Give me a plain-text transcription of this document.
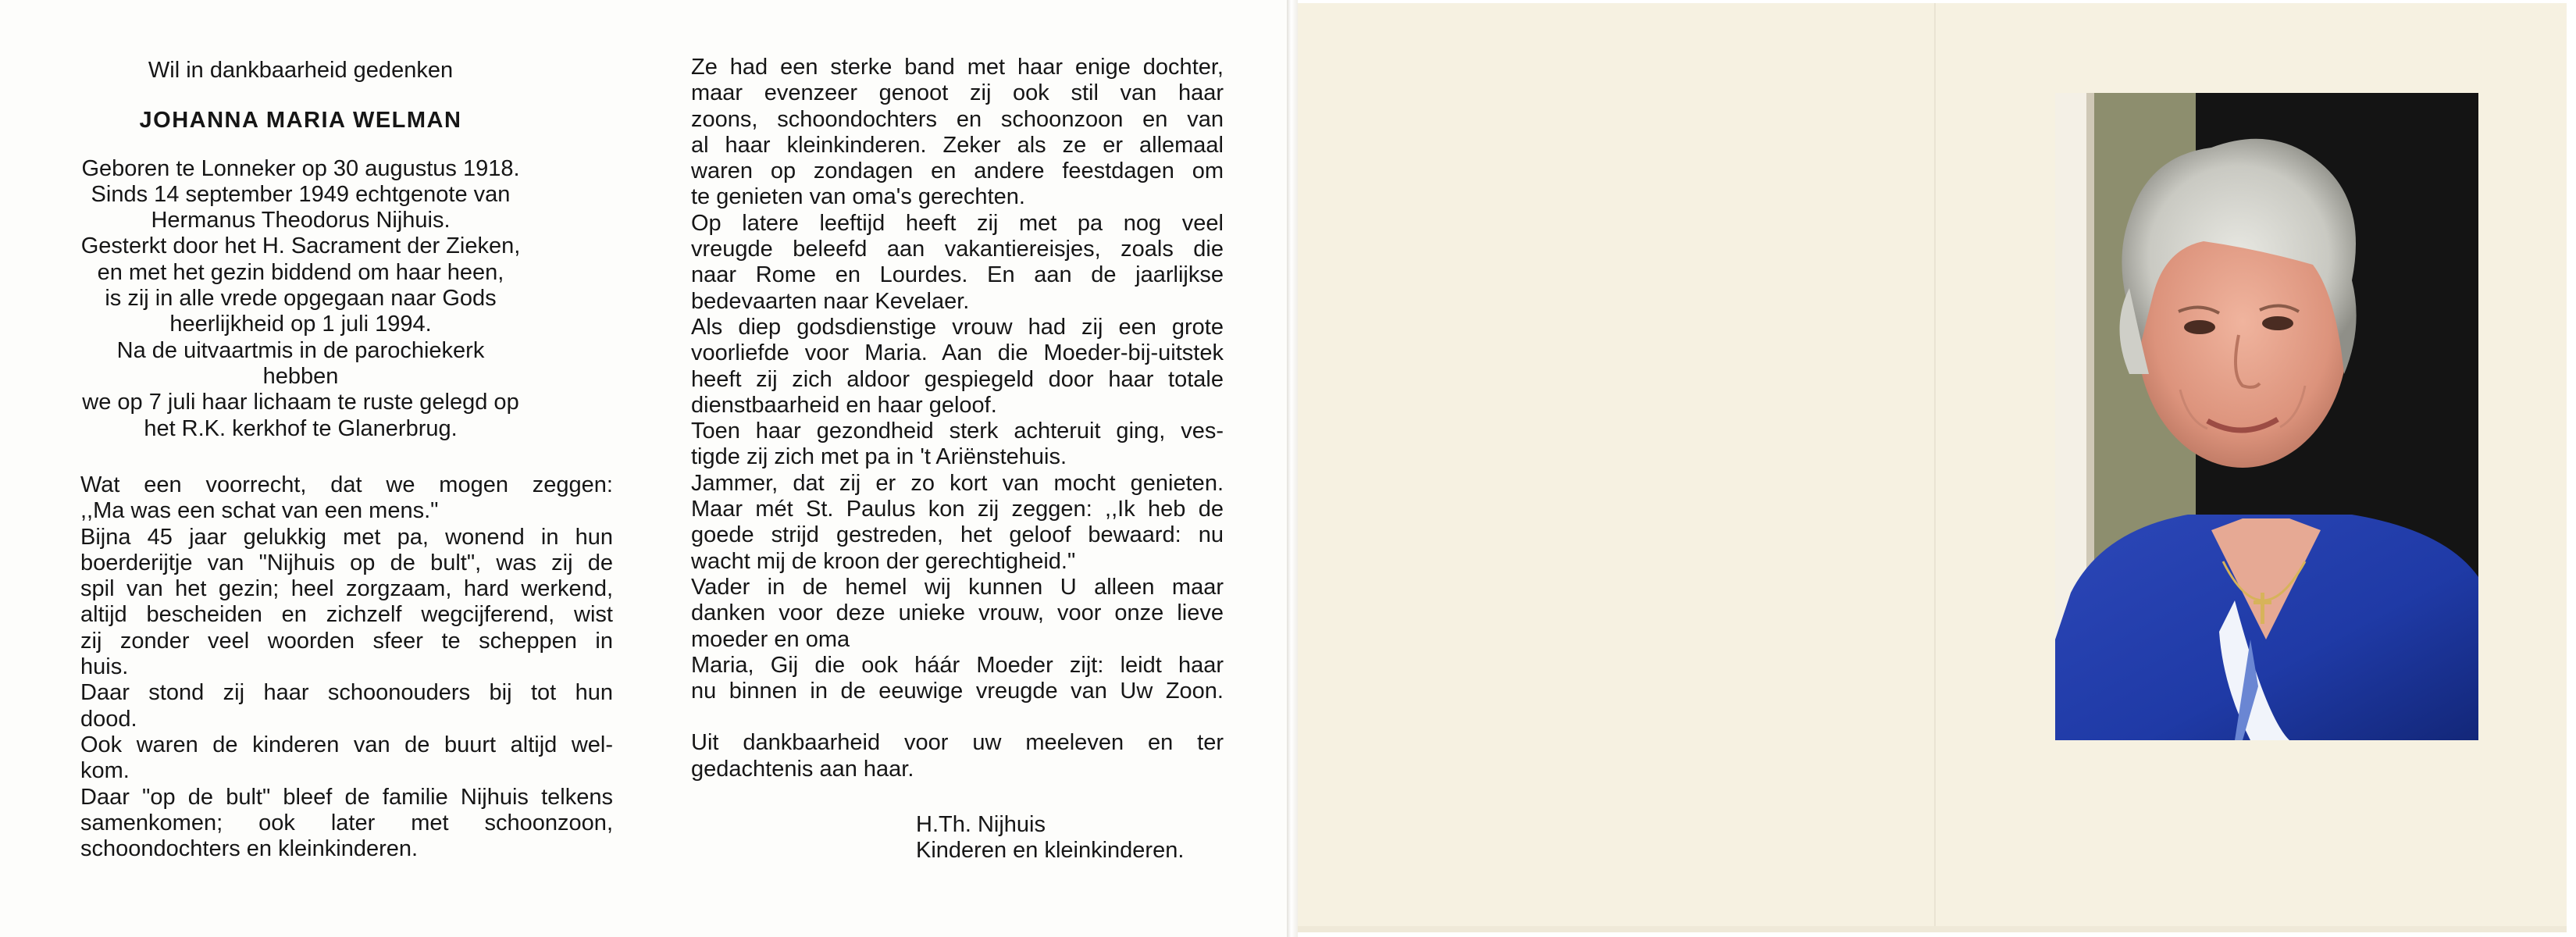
Wil in dankbaarheid gedenken

JOHANNA MARIA WELMAN

Geboren te Lonneker op 30 augustus 1918.

Sinds 14 september 1949 echtgenote van

Hermanus Theodorus Nijhuis.

Gesterkt door het H. Sacrament der Zieken,

en met het gezin biddend om haar heen,

is zij in alle vrede opgegaan naar Gods

heerlijkheid op 1 juli 1994.

Na de uitvaartmis in de parochiekerk hebben

we op 7 juli haar lichaam te ruste gelegd op

het R.K. kerkhof te Glanerbrug.

Wat een voorrecht, dat we mogen zeggen:
,,Ma was een schat van een mens."
Bijna 45 jaar gelukkig met pa, wonend in hun
boerderijtje van "Nijhuis op de bult", was zij de
spil van het gezin; heel zorgzaam, hard werkend,
altijd bescheiden en zichzelf wegcijferend, wist
zij zonder veel woorden sfeer te scheppen in
huis.
Daar stond zij haar schoonouders bij tot hun
dood.
Ook waren de kinderen van de buurt altijd wel-
kom.
Daar "op de bult" bleef de familie Nijhuis telkens
samenkomen; ook later met schoonzoon,
schoondochters en kleinkinderen.
Ze had een sterke band met haar enige dochter,
maar evenzeer genoot zij ook stil van haar
zoons, schoondochters en schoonzoon en van
al haar kleinkinderen. Zeker als ze er allemaal
waren op zondagen en andere feestdagen om
te genieten van oma's gerechten.
Op latere leeftijd heeft zij met pa nog veel
vreugde beleefd aan vakantiereisjes, zoals die
naar Rome en Lourdes. En aan de jaarlijkse
bedevaarten naar Kevelaer.
Als diep godsdienstige vrouw had zij een grote
voorliefde voor Maria. Aan die Moeder-bij-uitstek
heeft zij zich aldoor gespiegeld door haar totale
dienstbaarheid en haar geloof.
Toen haar gezondheid sterk achteruit ging, ves-
tigde zij zich met pa in 't Ariënstehuis.
Jammer, dat zij er zo kort van mocht genieten.
Maar mét St. Paulus kon zij zeggen: ,,Ik heb de
goede strijd gestreden, het geloof bewaard: nu
wacht mij de kroon der gerechtigheid."
Vader in de hemel wij kunnen U alleen maar
danken voor deze unieke vrouw, voor onze lieve
moeder en oma
Maria, Gij die ook háár Moeder zijt: leidt haar
nu binnen in de eeuwige vreugde van Uw Zoon.
Uit dankbaarheid voor uw meeleven en ter
gedachtenis aan haar.

H.Th. Nijhuis

Kinderen en kleinkinderen.
